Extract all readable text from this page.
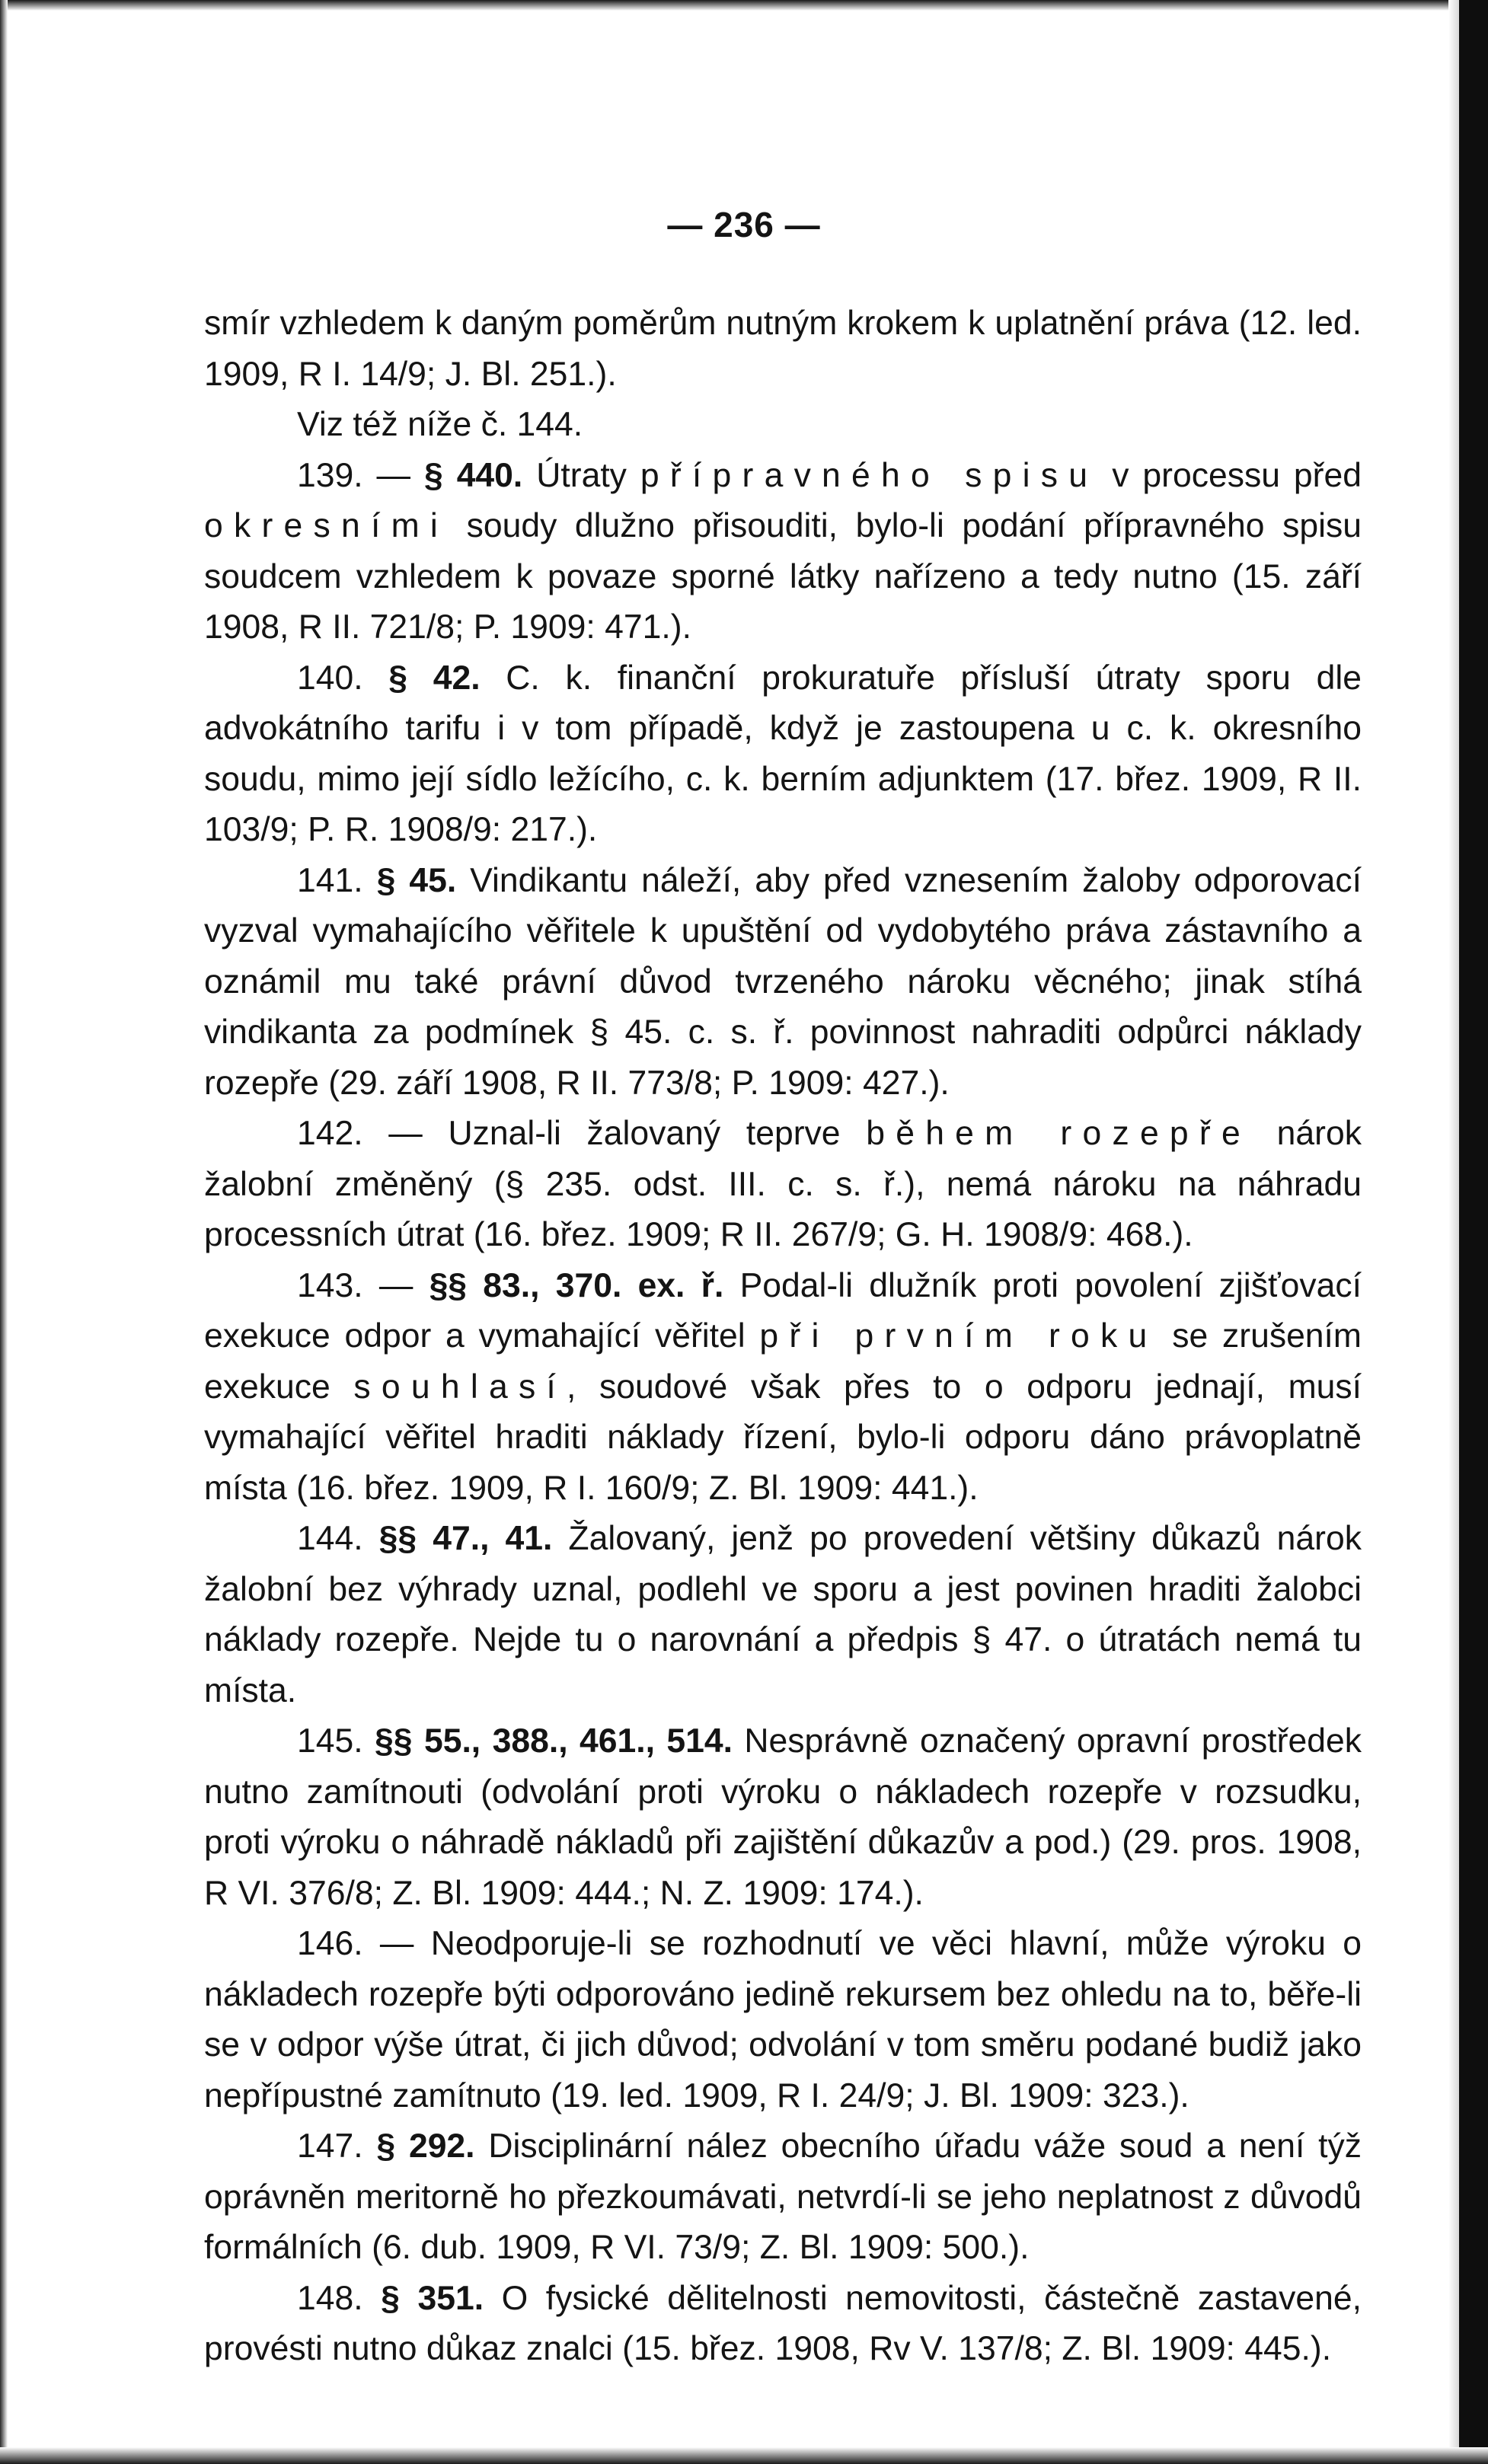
— 236 —

smír vzhledem k daným poměrům nutným krokem k uplatnění práva (12. led. 1909, R I. 14/9; J. Bl. 251.).

Viz též níže č. 144.

139. — § 440. Útraty přípravného spisu v processu před okresními soudy dlužno přisouditi, bylo-li podání přípravného spisu soudcem vzhledem k povaze sporné látky nařízeno a tedy nutno (15. září 1908, R II. 721/8; P. 1909: 471.).

140. § 42. C. k. finanční prokuratuře přísluší útraty sporu dle advokátního tarifu i v tom případě, když je zastoupena u c. k. okresního soudu, mimo její sídlo ležícího, c. k. berním adjunktem (17. břez. 1909, R II. 103/9; P. R. 1908/9: 217.).

141. § 45. Vindikantu náleží, aby před vznesením žaloby odporovací vyzval vymahajícího věřitele k upuštění od vydobytého práva zástavního a oznámil mu také právní důvod tvrzeného nároku věcného; jinak stíhá vindikanta za podmínek § 45. c. s. ř. povinnost nahraditi odpůrci náklady rozepře (29. září 1908, R II. 773/8; P. 1909: 427.).

142. — Uznal-li žalovaný teprve během rozepře nárok žalobní změněný (§ 235. odst. III. c. s. ř.), nemá nároku na náhradu processních útrat (16. břez. 1909; R II. 267/9; G. H. 1908/9: 468.).

143. — §§ 83., 370. ex. ř. Podal-li dlužník proti povolení zjišťovací exekuce odpor a vymahající věřitel při prvním roku se zrušením exekuce souhlasí, soudové však přes to o odporu jednají, musí vymahající věřitel hraditi náklady řízení, bylo-li odporu dáno právoplatně místa (16. břez. 1909, R I. 160/9; Z. Bl. 1909: 441.).

144. §§ 47., 41. Žalovaný, jenž po provedení většiny důkazů nárok žalobní bez výhrady uznal, podlehl ve sporu a jest povinen hraditi žalobci náklady rozepře. Nejde tu o narovnání a předpis § 47. o útratách nemá tu místa.

145. §§ 55., 388., 461., 514. Nesprávně označený opravní prostředek nutno zamítnouti (odvolání proti výroku o nákladech rozepře v rozsudku, proti výroku o náhradě nákladů při zajištění důkazův a pod.) (29. pros. 1908, R VI. 376/8; Z. Bl. 1909: 444.; N. Z. 1909: 174.).

146. — Neodporuje-li se rozhodnutí ve věci hlavní, může výroku o nákladech rozepře býti odporováno jedině rekursem bez ohledu na to, běře-li se v odpor výše útrat, či jich důvod; odvolání v tom směru podané budiž jako nepřípustné zamítnuto (19. led. 1909, R I. 24/9; J. Bl. 1909: 323.).

147. § 292. Disciplinární nález obecního úřadu váže soud a není týž oprávněn meritorně ho přezkoumávati, netvrdí-li se jeho neplatnost z důvodů formálních (6. dub. 1909, R VI. 73/9; Z. Bl. 1909: 500.).

148. § 351. O fysické dělitelnosti nemovitosti, částečně zastavené, provésti nutno důkaz znalci (15. břez. 1908, Rv V. 137/8; Z. Bl. 1909: 445.).
